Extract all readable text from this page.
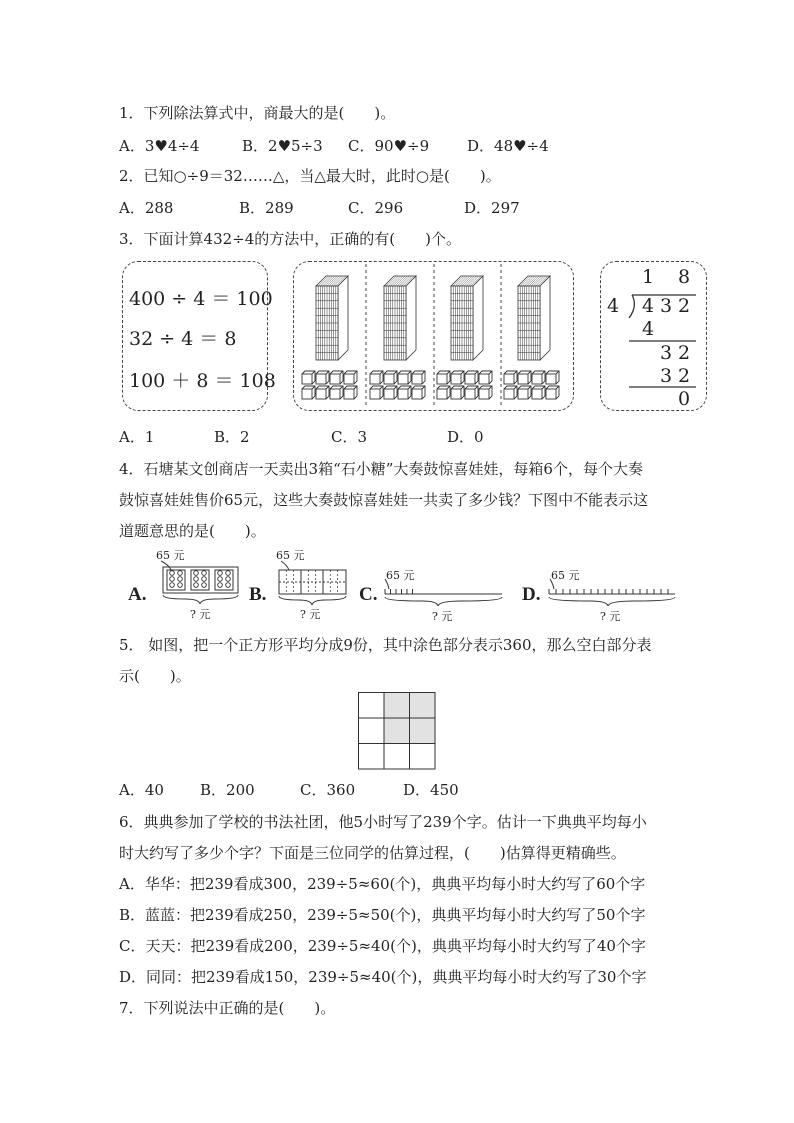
1．下列除法算式中，商最大的是(　　)。
A．3♥4÷4	B．2♥5÷3 C．90♥÷9	D．48♥÷4
2．已知○÷9＝32……△，当△最大时，此时○是(　　)。
A．288	B．289	C．296	D．297
3．下面计算432÷4的方法中，正确的有(　　)个。
400 ÷ 4 ＝ 100
32 ÷ 4 ＝ 8
100 ＋ 8 ＝ 108
1 8
4 4 3 2
4
3 2
3 2
0
A．1	B．2	C．3	D．0
4．石塘某文创商店一天卖出3箱“石小糖”大奏鼓惊喜娃娃，每箱6个，每个大奏
鼓惊喜娃娃售价65元，这些大奏鼓惊喜娃娃一共卖了多少钱？下图中不能表示这
道题意思的是(　　)。
A.	B.	C.	D.
65 元
? 元
65 元
? 元
65 元
? 元
65 元
? 元
5． 如图，把一个正方形平均分成9份，其中涂色部分表示360，那么空白部分表
示(　　)。
A．40 B．200	C．360	D．450
6．典典参加了学校的书法社团，他5小时写了239个字。估计一下典典平均每小
时大约写了多少个字？下面是三位同学的估算过程，(　　)估算得更精确些。
A．华华：把239看成300，239÷5≈60(个)，典典平均每小时大约写了60个字
B．蓝蓝：把239看成250，239÷5≈50(个)，典典平均每小时大约写了50个字
C．天天：把239看成200，239÷5≈40(个)，典典平均每小时大约写了40个字
D．同同：把239看成150，239÷5≈40(个)，典典平均每小时大约写了30个字
7．下列说法中正确的是(　　)。
